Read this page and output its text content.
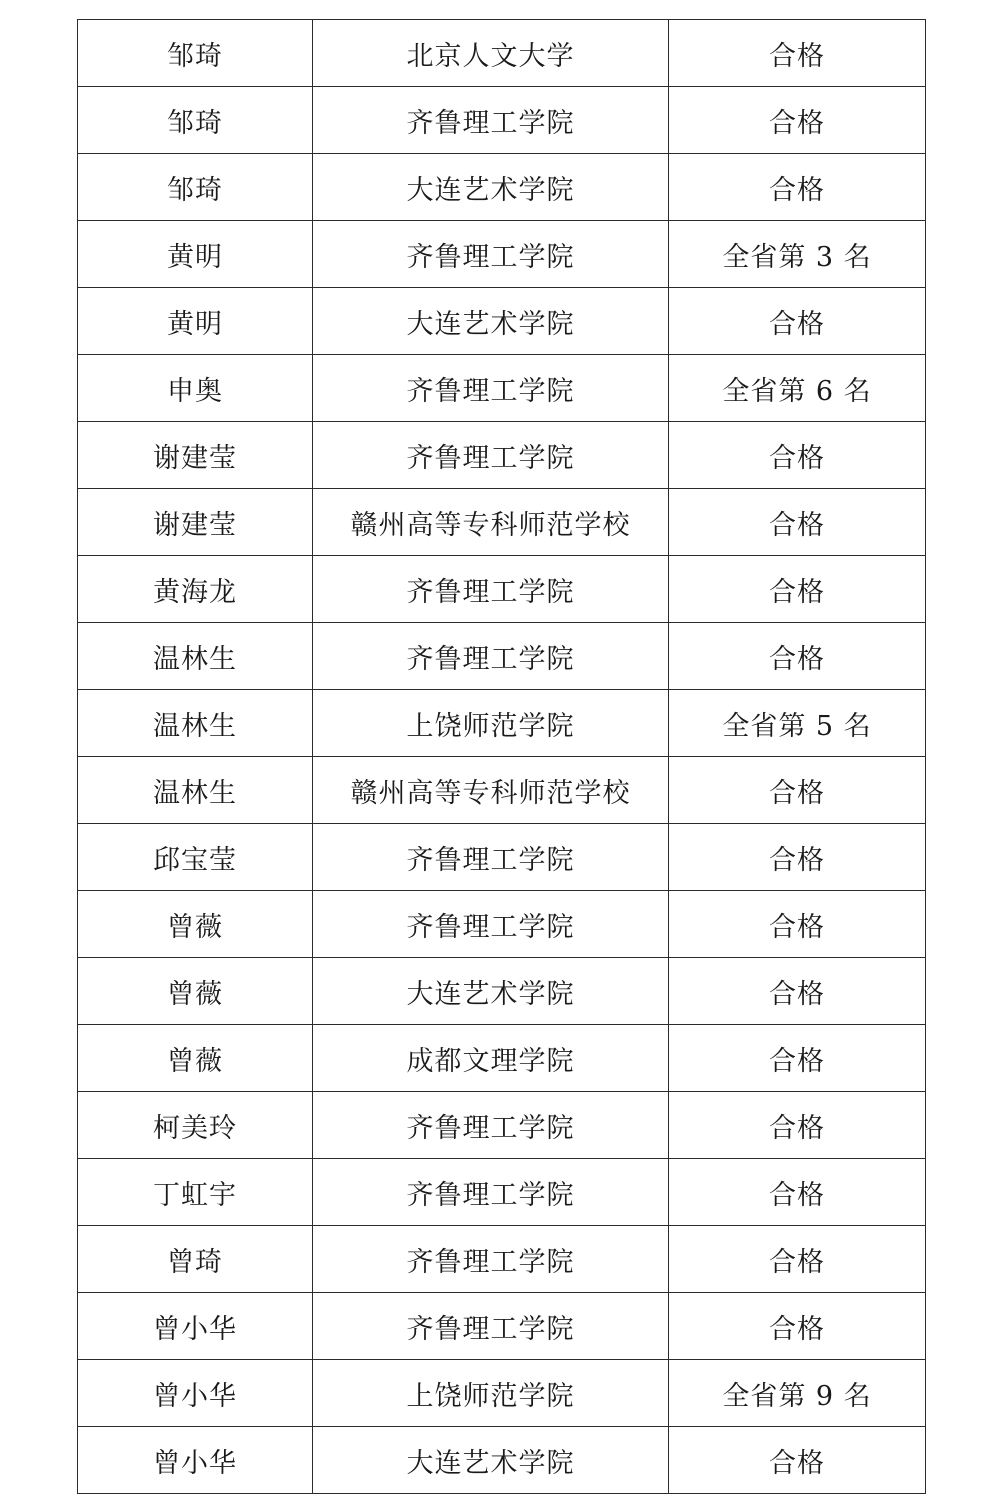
邹琦	北京人文大学	合格
邹琦	齐鲁理工学院	合格
邹琦	大连艺术学院	合格
黄明	齐鲁理工学院	全省第 3 名
黄明	大连艺术学院	合格
申奥	齐鲁理工学院	全省第 6 名
谢建莹	齐鲁理工学院	合格
谢建莹	赣州高等专科师范学校	合格
黄海龙	齐鲁理工学院	合格
温林生	齐鲁理工学院	合格
温林生	上饶师范学院	全省第 5 名
温林生	赣州高等专科师范学校	合格
邱宝莹	齐鲁理工学院	合格
曾薇	齐鲁理工学院	合格
曾薇	大连艺术学院	合格
曾薇	成都文理学院	合格
柯美玲	齐鲁理工学院	合格
丁虹宇	齐鲁理工学院	合格
曾琦	齐鲁理工学院	合格
曾小华	齐鲁理工学院	合格
曾小华	上饶师范学院	全省第 9 名
曾小华	大连艺术学院	合格
